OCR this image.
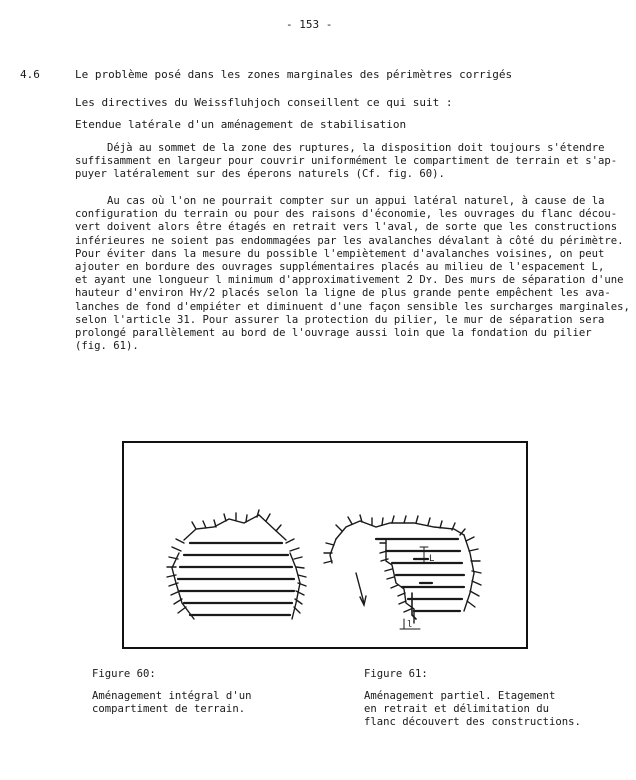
- 153 -
4.6	Le problème posé dans les zones marginales des périmètres corrigés
Les directives du Weissfluhjoch conseillent ce qui suit :
Etendue latérale d'un aménagement de stabilisation
Déjà au sommet de la zone des ruptures, la disposition doit toujours s'étendre
suffisamment en largeur pour couvrir uniformément le compartiment de terrain et s'ap-
puyer latéralement sur des éperons naturels (Cf. fig. 60).
Au cas où l'on ne pourrait compter sur un appui latéral naturel, à cause de la
configuration du terrain ou pour des raisons d'économie, les ouvrages du flanc décou-
vert doivent alors être étagés en retrait vers l'aval, de sorte que les constructions
inférieures ne soient pas endommagées par les avalanches dévalant à côté du périmètre.
Pour éviter dans la mesure du possible l'empiètement d'avalanches voisines, on peut
ajouter en bordure des ouvrages supplémentaires placés au milieu de l'espacement L,
et ayant une longueur l minimum d'approximativement 2 Dʏ. Des murs de séparation d'une
hauteur d'environ Hʏ/2 placés selon la ligne de plus grande pente empêchent les ava-
lanches de fond d'empiéter et diminuent d'une façon sensible les surcharges marginales,
selon l'article 31. Pour assurer la protection du pilier, le mur de séparation sera
prolongé parallèlement au bord de l'ouvrage aussi loin que la fondation du pilier
(fig. 61).
L
l
Figure 60:
Aménagement intégral d'un
compartiment de terrain.
Figure 61:
Aménagement partiel. Etagement
en retrait et délimitation du
flanc découvert des constructions.
